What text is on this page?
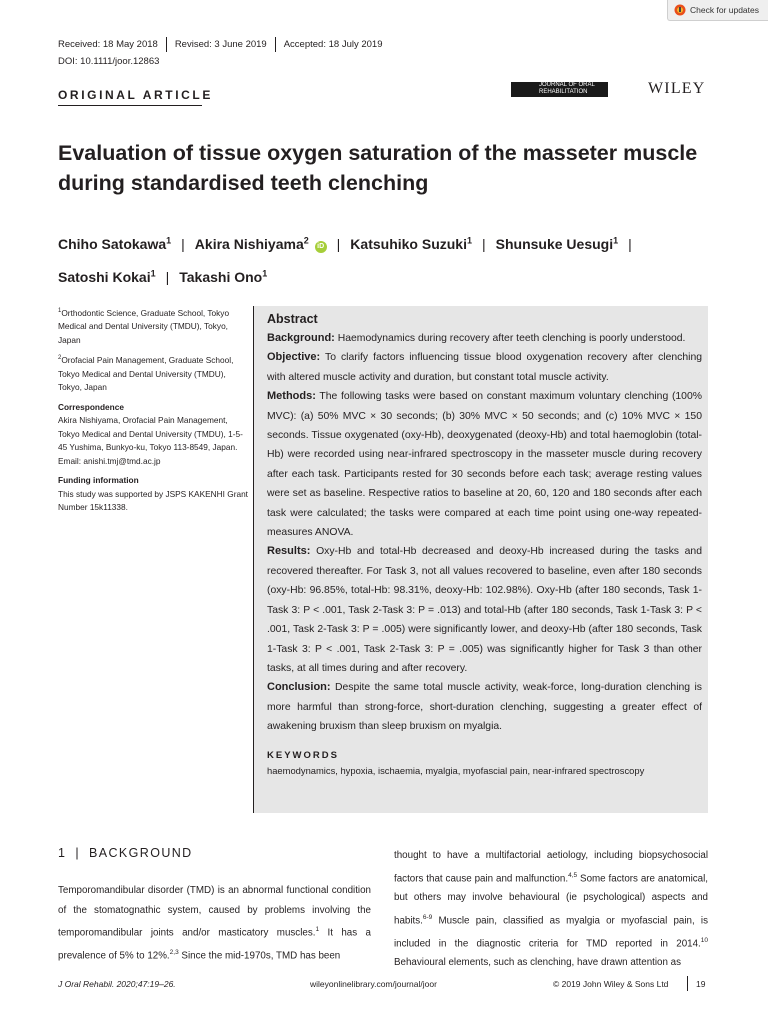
Check for updates
Received: 18 May 2018 Revised: 3 June 2019 Accepted: 18 July 2019
DOI: 10.1111/joor.12863
ORIGINAL ARTICLE
JOURNAL OF ORAL
REHABILITATION	WILEY
Evaluation of tissue oxygen saturation of the masseter muscle during standardised teeth clenching
Chiho Satokawa$^1$ | Akira Nishiyama$^2$ iD | Katsuhiko Suzuki$^1$ | Shunsuke Uesugi$^1$ |
Satoshi Kokai$^1$ | Takashi Ono$^1$

$^1$Orthodontic Science, Graduate School, Tokyo Medical and Dental University (TMDU), Tokyo, Japan

$^2$Orofacial Pain Management, Graduate School, Tokyo Medical and Dental University (TMDU), Tokyo, Japan

Correspondence

Akira Nishiyama, Orofacial Pain Management, Tokyo Medical and Dental University (TMDU), 1-5-45 Yushima, Bunkyo-ku, Tokyo 113-8549, Japan.

Email: anishi.tmj@tmd.ac.jp

Funding information

This study was supported by JSPS KAKENHI Grant Number 15k11338.

Abstract

Background: Haemodynamics during recovery after teeth clenching is poorly understood.

Objective: To clarify factors influencing tissue blood oxygenation recovery after clenching with altered muscle activity and duration, but constant total muscle activity.

Methods: The following tasks were based on constant maximum voluntary clenching (100% MVC): (a) 50% MVC × 30 seconds; (b) 30% MVC × 50 seconds; and (c) 10% MVC × 150 seconds. Tissue oxygenated (oxy-Hb), deoxygenated (deoxy-Hb) and total haemoglobin (total-Hb) were recorded using near-infrared spectroscopy in the masseter muscle during recovery after each task. Participants rested for 30 seconds before each task; average resting values were set as baseline. Respective ratios to baseline at 20, 60, 120 and 180 seconds after each task were calculated; the tasks were compared at each time point using one-way repeated-measures ANOVA.

Results: Oxy-Hb and total-Hb decreased and deoxy-Hb increased during the tasks and recovered thereafter. For Task 3, not all values recovered to baseline, even after 180 seconds (oxy-Hb: 96.85%, total-Hb: 98.31%, deoxy-Hb: 102.98%). Oxy-Hb (after 180 seconds, Task 1-Task 3: P < .001, Task 2-Task 3: P = .013) and total-Hb (after 180 seconds, Task 1-Task 3: P < .001, Task 2-Task 3: P = .005) were significantly lower, and deoxy-Hb (after 180 seconds, Task 1-Task 3: P < .001, Task 2-Task 3: P = .005) was significantly higher for Task 3 than other tasks, at all times during and after recovery.

Conclusion: Despite the same total muscle activity, weak-force, long-duration clenching is more harmful than strong-force, short-duration clenching, suggesting a greater effect of awakening bruxism than sleep bruxism on myalgia.

KEYWORDS
haemodynamics, hypoxia, ischaemia, myalgia, myofascial pain, near-infrared spectroscopy
1 | BACKGROUND
Temporomandibular disorder (TMD) is an abnormal functional condition of the stomatognathic system, caused by problems involving the temporomandibular joints and/or masticatory muscles.$^1$ It has a prevalence of 5% to 12%.$^{2,3}$ Since the mid-1970s, TMD has been
thought to have a multifactorial aetiology, including biopsychosocial factors that cause pain and malfunction.$^{4,5}$ Some factors are anatomical, but others may involve behavioural (ie psychological) aspects and habits.$^{6-9}$ Muscle pain, classified as myalgia or myofascial pain, is included in the diagnostic criteria for TMD reported in 2014.10 Behavioural elements, such as clenching, have drawn attention as
J Oral Rehabil. 2020;47:19–26.	wileyonlinelibrary.com/journal/joor	© 2019 John Wiley & Sons Ltd	19
